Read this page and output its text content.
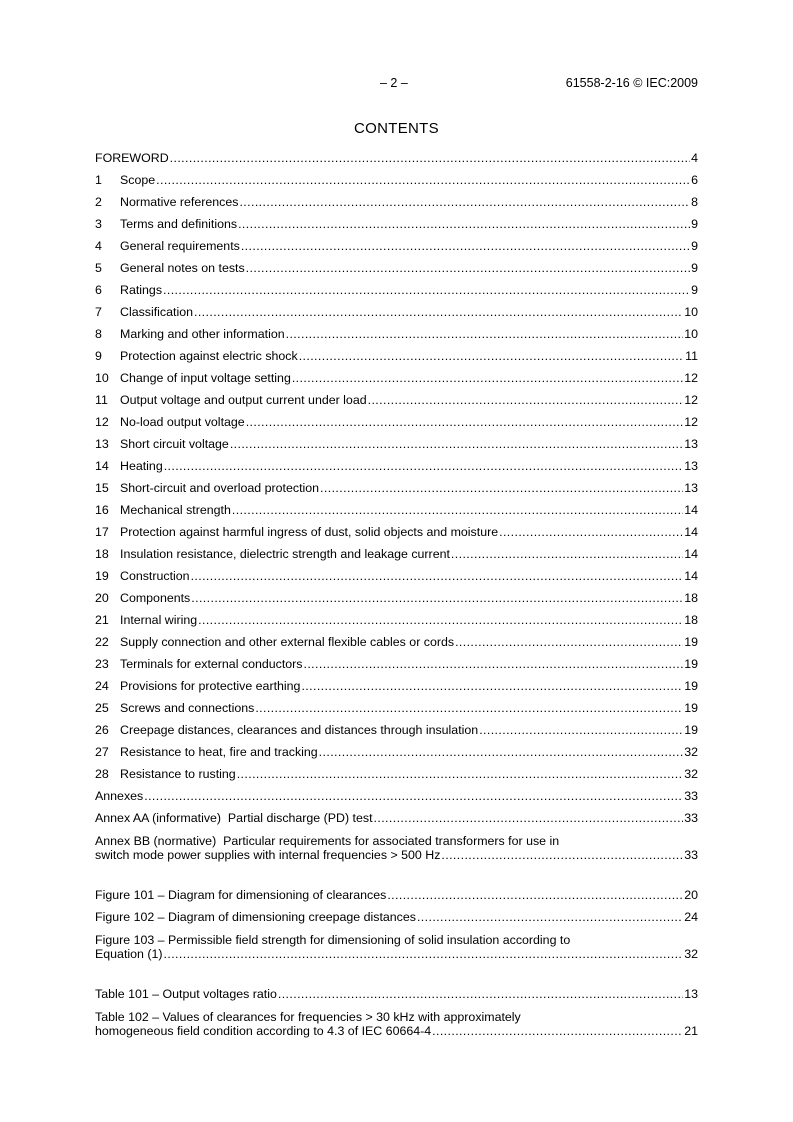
– 2 –	61558-2-16 © IEC:2009
CONTENTS
FOREWORD .....	4
1	Scope .....	6
2	Normative references .....	8
3	Terms and definitions .....	9
4	General requirements .....	9
5	General notes on tests .....	9
6	Ratings .....	9
7	Classification .....	10
8	Marking and other information .....	10
9	Protection against electric shock .....	11
10 Change of input voltage setting .....	12
11 Output voltage and output current under load .....	12
12 No-load output voltage .....	12
13 Short circuit voltage .....	13
14 Heating .....	13
15 Short-circuit and overload protection .....	13
16 Mechanical strength .....	14
17 Protection against harmful ingress of dust, solid objects and moisture .....	14
18 Insulation resistance, dielectric strength and leakage current .....	14
19 Construction .....	14
20 Components .....	18
21 Internal wiring .....	18
22 Supply connection and other external flexible cables or cords .....	19
23 Terminals for external conductors .....	19
24 Provisions for protective earthing .....	19
25 Screws and connections .....	19
26 Creepage distances, clearances and distances through insulation .....	19
27 Resistance to heat, fire and tracking .....	32
28 Resistance to rusting .....	32
Annexes .....	33
Annex AA (informative)  Partial discharge (PD) test .....	33
Annex BB (normative)  Particular requirements for associated transformers for use in
switch mode power supplies with internal frequencies > 500 Hz .....	33
Figure 101 – Diagram for dimensioning of clearances .....	20
Figure 102 – Diagram of dimensioning creepage distances .....	24
Figure 103 – Permissible field strength for dimensioning of solid insulation according to
Equation (1) .....	32
Table 101 – Output voltages ratio .....	13
Table 102 – Values of clearances for frequencies > 30 kHz with approximately
homogeneous field condition according to 4.3 of IEC 60664-4 .....	21
